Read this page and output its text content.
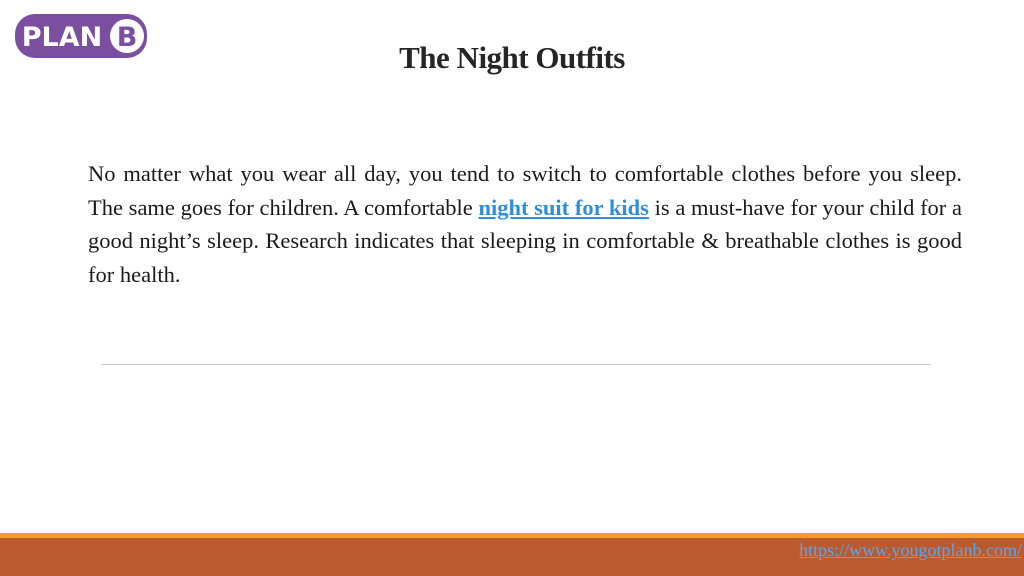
PLAN B
The Night Outfits

No matter what you wear all day, you tend to switch to comfortable clothes before you sleep. The same goes for children. A comfortable night suit for kids is a must-have for your child for a good night’s sleep. Research indicates that sleeping in comfortable & breathable clothes is good for health.

https://www.yougotplanb.com/
